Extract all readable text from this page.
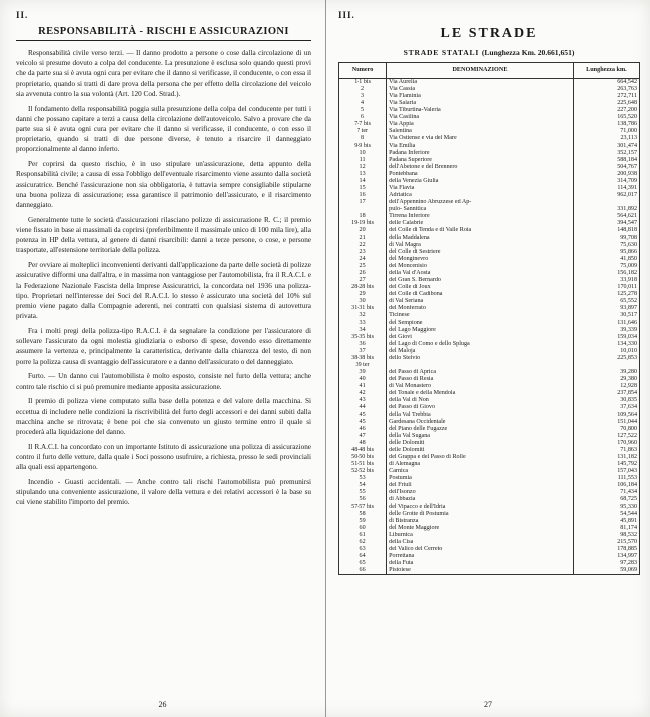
II.
RESPONSABILITÀ - RISCHI E ASSICURAZIONI

Responsabilità civile verso terzi. — Il danno prodotto a persone o cose dalla circolazione di un veicolo si presume dovuto a colpa del conducente. La presunzione è esclusa solo quando questi provi che da parte sua si è avuta ogni cura per evitare che il danno si verificasse, il conducente, o con essa il proprietario, quando si tratti di dare prova della persona che per effetto della circolazione del veicolo sia avvenuta contro la sua volontà (Art. 120 Cod. Strad.).

Il fondamento della responsabilità poggia sulla presunzione della colpa del conducente per tutti i danni che possano capitare a terzi a causa della circolazione dell'autoveicolo. Salvo a provare che da parte sua si è avuta ogni cura per evitare che il danno si verificasse, il conducente, o con esso il proprietario, quando si tratti di due persone diverse, è tenuto a risarcire il danneggiato proporzionalmente al danno inferto.

Per coprirsi da questo rischio, è in uso stipulare un'assicurazione, detta appunto della Responsabilità civile; a causa di essa l'obbligo dell'eventuale risarcimento viene assunto dalla società assicuratrice. Benché l'assicurazione non sia obbligatoria, è tuttavia sempre consigliabile stipularne una buona polizza di assicurazione; essa garantisce il patrimonio dell'assicurato, e il risarcimento danneggiato.

Generalmente tutte le società d'assicurazioni rilasciano polizze di assicurazione R. C.; il premio viene fissato in base ai massimali da coprirsi (preferibilmente il massimale unico di 100 mila lire), alla potenza in HP della vettura, al genere di danni risarcibili: danni a terze persone, o cose, e persone trasportate, all'estensione territoriale della polizza.

Per ovviare ai molteplici inconvenienti derivanti dall'applicazione da parte delle società di polizze assicurative difformi una dall'altra, e in massima non vantaggiose per l'automobilista, fra il R.A.C.I. e la Federazione Nazionale Fascista della Imprese Assicuratrici, la concordata nel 1936 una polizza-tipo. Proprietari nell'interesse dei Soci del R.A.C.I. lo stesso è assicurato una società del 10% sul premio viene pagato dalla Compagnie aderenti, nei contratti con qualsiasi sistema di autovettura privata.

Fra i molti pregi della polizza-tipo R.A.C.I. è da segnalare la condizione per l'assicuratore di sollevare l'assicurato da ogni molestia giudiziaria o esborso di spese, dovendo esso direttamente assumere la vertenza e, principalmente la caratteristica, derivante dalla chiarezza del testo, di non porre la polizza causa di svantaggio dell'assicuratore e a danno dell'assicurato o del danneggiato.

Furto. — Un danno cui l'automobilista è molto esposto, consiste nel furto della vettura; anche contro tale rischio ci si può premunire mediante apposita assicurazione.

Il premio di polizza viene computato sulla base della potenza e del valore della macchina. Si eccettua di includere nelle condizioni la riscrivibilità del furto degli accessori e dei danni subiti dalla macchina anche se ritrovata; è bene poi che sia convenuto un giusto termine entro il quale si procederà alla liquidazione del danno.

Il R.A.C.I. ha concordato con un importante Istituto di assicurazione una polizza di assicurazione contro il furto delle vetture, dalla quale i Soci possono usufruire, a richiesta, presso le sedi provinciali alla quali essi appartengono.

Incendio - Guasti accidentali. — Anche contro tali rischi l'automobilista può premunirsi stipulando una conveniente assicurazione, il valore della vettura e dei relativi accessori è la base su cui viene stabilito l'importo del premio.

26
III.
LE STRADE
STRADE STATALI (Lunghezza Km. 20.661,651)
Numero	DENOMINAZIONE	Lunghezza km.
1-1 bis	Via Aurelia	664,542
2	Via Cassia	263,763
3	Via Flaminia	272,711
4	Via Salaria	225,648
5	Via Tiburtina-Valeria	227,200
6	Via Casilina	165,520
7-7 bis	Via Appia	138,786
7 ter	Salentina	71,000
8	Via Ostiense e via del Mare	23,113
9-9 bis	Via Emilia	301,474
10	Padana Inferiore	352,157
11	Padana Superiore	588,184
12	dell'Abetone e del Brennero	504,767
13	Pontebbana	200,938
14	della Venezia Giulia	314,709
15	Via Flavia	114,391
16	Adriatica	962,017
17	dell'Appennino Abruzzese ed Ap-	
	pulo- Sannitica	331,892
18	Tirrena Inferiore	564,621
19-19 bis	delle Calabrie	394,547
20	del Colle di Tenda e di Valle Roia	148,818
21	della Maddalena	99,708
22	di Val Magra	75,630
23	del Colle di Sestriere	95,866
24	del Monginevro	41,850
25	del Moncenisio	75,009
26	della Val d'Aosta	156,182
27	del Gran S. Bernardo	33,918
28-28 bis	del Colle di Joux	170,011
29	del Colle di Cadibona	125,278
30	di Val Seriana	65,552
31-31 bis	del Monferrato	93,897
32	Ticinese	30,517
33	del Sempione	131,646
34	del Lago Maggiore	39,339
35-35 bis	dei Giovi	159,034
36	del Lago di Como e dello Spluga	134,330
37	del Maloja	10,010
38-38 bis	dello Stelvio	225,853
39 ter		
39	del Passo di Aprica	39,280
40	del Passo di Resia	29,380
41	di Val Monastero	12,928
42	del Tonale e della Mendola	237,854
43	della Val di Non	30,835
44	del Passo di Giovo	37,634
45	della Val Trebbia	109,564
45	Gardesana Occidentale	151,044
46	del Piano delle Fugazze	70,800
47	della Val Sugana	127,522
48	delle Dolomiti	170,960
48-48 bis	delle Dolomiti	71,863
50-50 bis	del Grappa e del Passo di Rolle	131,182
51-51 bis	di Alemagna	145,792
52-52 bis	Carnica	157,043
53	Postumia	111,553
54	del Friuli	106,184
55	dell'Isonzo	71,434
56	di Abbazia	68,725
57-57 bis	del Vipacco e dell'Idria	95,330
58	delle Grotte di Postumia	54,544
59	di Bistranza	45,891
60	del Monte Maggiore	81,174
61	Liburnica	98,532
62	della Cisa	215,570
63	del Valico del Cerreto	178,885
64	Porrettana	134,997
65	della Futa	97,283
66	Pistoiese	59,069
27
